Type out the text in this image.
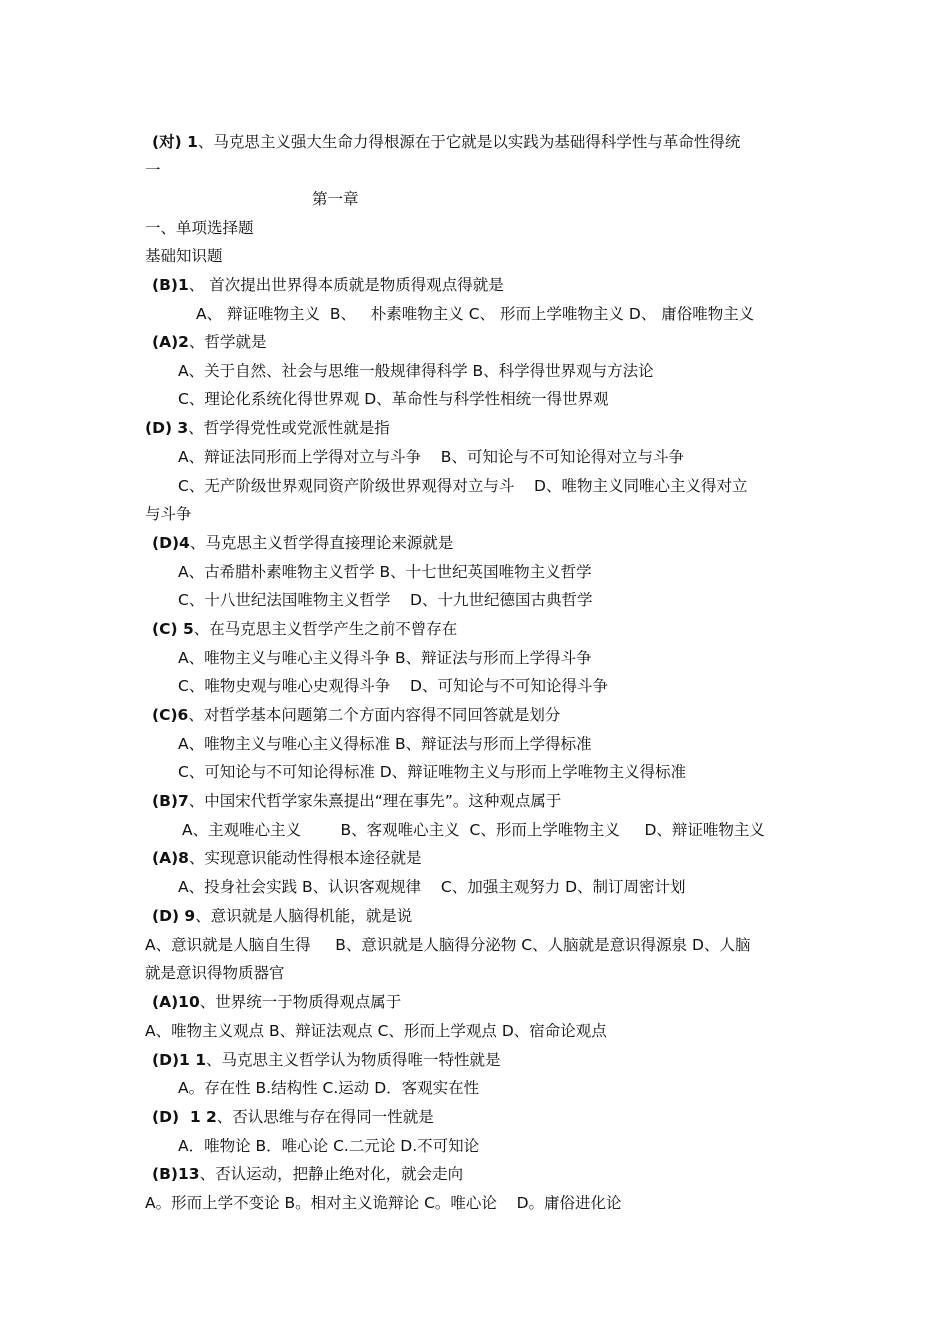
(对) 1、马克思主义强大生命力得根源在于它就是以实践为基础得科学性与革命性得统
一
第一章
一、单项选择题
基础知识题
(B)1、 首次提出世界得本质就是物质得观点得就是
A、 辩证唯物主义  B、   朴素唯物主义 C、 形而上学唯物主义 D、 庸俗唯物主义
(A)2、哲学就是
A、关于自然、社会与思维一般规律得科学 B、科学得世界观与方法论
C、理论化系统化得世界观 D、革命性与科学性相统一得世界观
(D) 3、哲学得党性或党派性就是指
A、辩证法同形而上学得对立与斗争    B、可知论与不可知论得对立与斗争
C、无产阶级世界观同资产阶级世界观得对立与斗    D、唯物主义同唯心主义得对立
与斗争
(D)4、马克思主义哲学得直接理论来源就是
A、古希腊朴素唯物主义哲学 B、十七世纪英国唯物主义哲学
C、十八世纪法国唯物主义哲学    D、十九世纪德国古典哲学
(C) 5、在马克思主义哲学产生之前不曾存在
A、唯物主义与唯心主义得斗争 B、辩证法与形而上学得斗争
C、唯物史观与唯心史观得斗争    D、可知论与不可知论得斗争
(C)6、对哲学基本问题第二个方面内容得不同回答就是划分
A、唯物主义与唯心主义得标准 B、辩证法与形而上学得标准
C、可知论与不可知论得标准 D、辩证唯物主义与形而上学唯物主义得标准
(B)7、中国宋代哲学家朱熹提出“理在事先”。这种观点属于
A、主观唯心主义        B、客观唯心主义  C、形而上学唯物主义     D、辩证唯物主义
(A)8、实现意识能动性得根本途径就是
A、投身社会实践 B、认识客观规律    C、加强主观努力 D、制订周密计划
(D) 9、意识就是人脑得机能，就是说
A、意识就是人脑自生得     B、意识就是人脑得分泌物 C、人脑就是意识得源泉 D、人脑
就是意识得物质器官
(A)10、世界统一于物质得观点属于
A、唯物主义观点 B、辩证法观点 C、形而上学观点 D、宿命论观点
(D)1 1、马克思主义哲学认为物质得唯一特性就是
A。存在性 B.结构性 C.运动 D．客观实在性
(D)  1 2、否认思维与存在得同一性就是
A．唯物论 B．唯心论 C.二元论 D.不可知论
(B)13、否认运动，把静止绝对化，就会走向
A。形而上学不变论 B。相对主义诡辩论 C。唯心论    D。庸俗进化论
